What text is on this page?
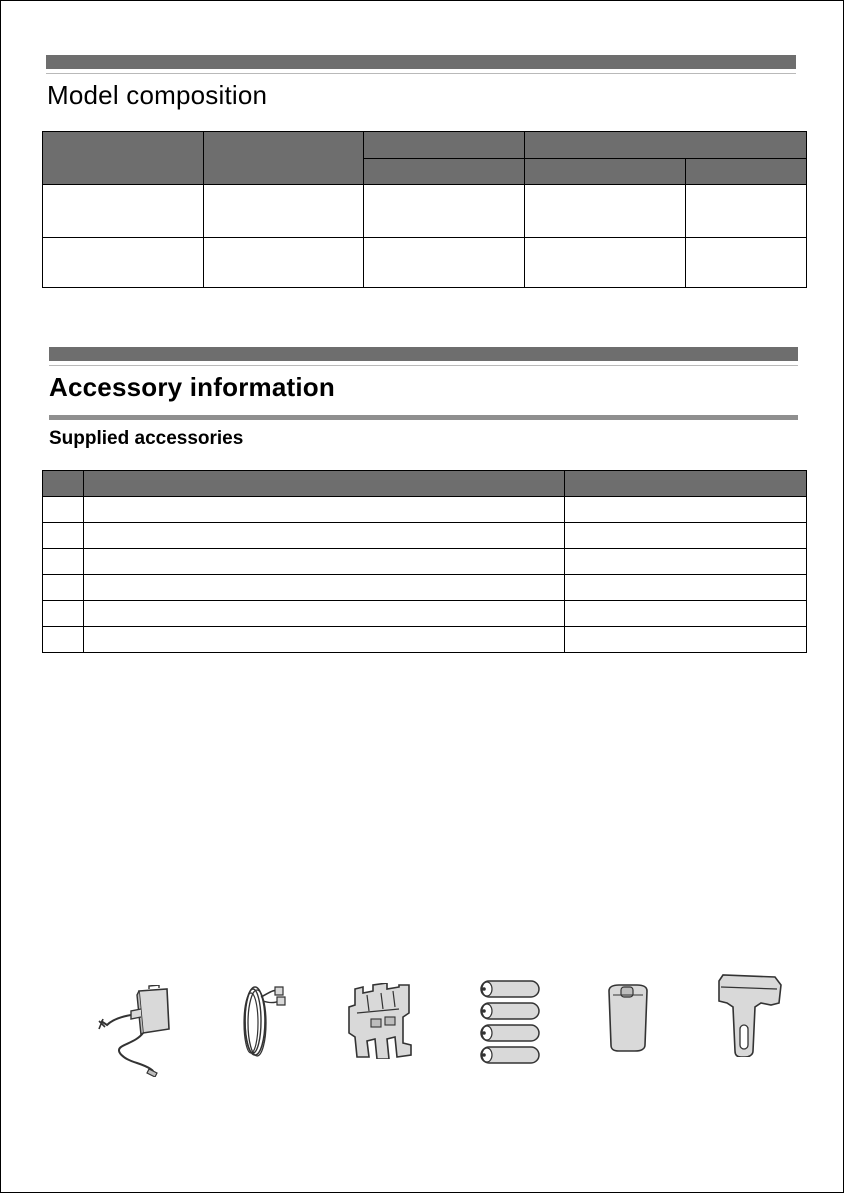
Model composition

Accessory information
Supplied accessories
